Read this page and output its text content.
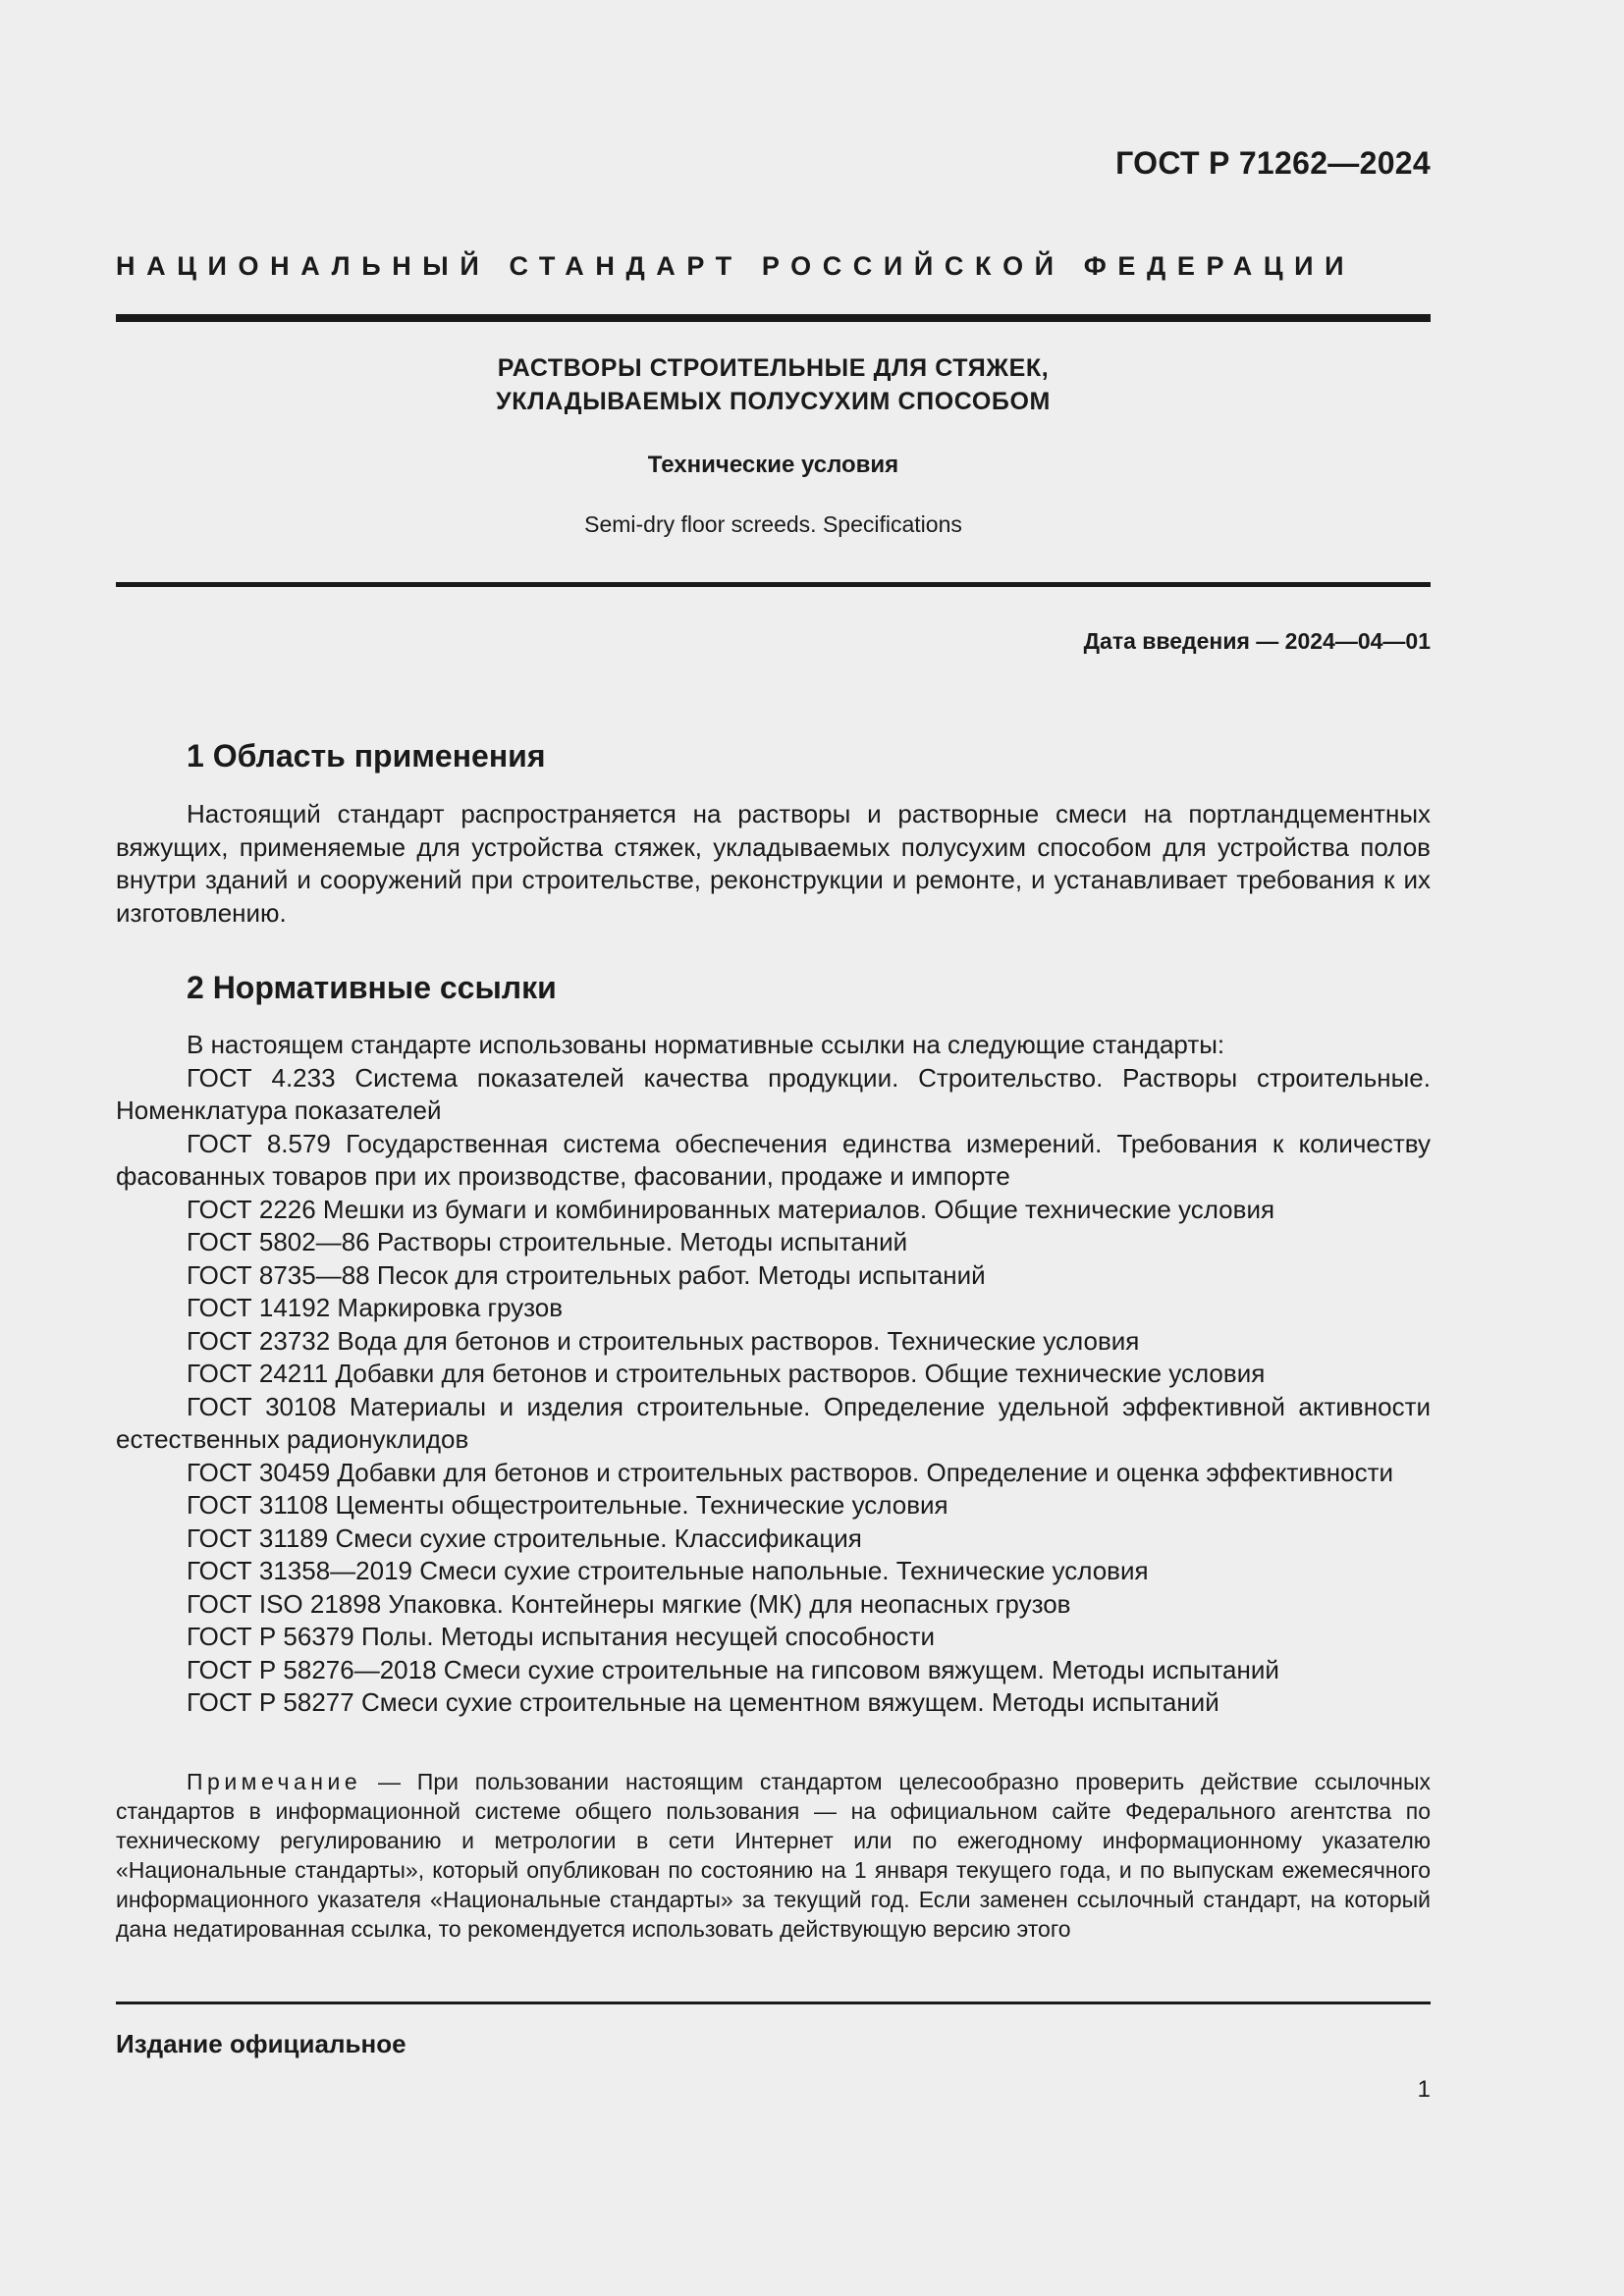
ГОСТ Р 71262—2024
НАЦИОНАЛЬНЫЙ СТАНДАРТ РОССИЙСКОЙ ФЕДЕРАЦИИ
РАСТВОРЫ СТРОИТЕЛЬНЫЕ ДЛЯ СТЯЖЕК,
УКЛАДЫВАЕМЫХ ПОЛУСУХИМ СПОСОБОМ
Технические условия
Semi-dry floor screeds. Specifications
Дата введения — 2024—04—01
1 Область применения

Настоящий стандарт распространяется на растворы и растворные смеси на портландцементных вяжущих, применяемые для устройства стяжек, укладываемых полусухим способом для устройства полов внутри зданий и сооружений при строительстве, реконструкции и ремонте, и устанавливает требования к их изготовлению.

2 Нормативные ссылки

В настоящем стандарте использованы нормативные ссылки на следующие стандарты:

ГОСТ 4.233 Система показателей качества продукции. Строительство. Растворы строительные. Номенклатура показателей

ГОСТ 8.579 Государственная система обеспечения единства измерений. Требования к количеству фасованных товаров при их производстве, фасовании, продаже и импорте

ГОСТ 2226 Мешки из бумаги и комбинированных материалов. Общие технические условия

ГОСТ 5802—86 Растворы строительные. Методы испытаний

ГОСТ 8735—88 Песок для строительных работ. Методы испытаний

ГОСТ 14192 Маркировка грузов

ГОСТ 23732 Вода для бетонов и строительных растворов. Технические условия

ГОСТ 24211 Добавки для бетонов и строительных растворов. Общие технические условия

ГОСТ 30108 Материалы и изделия строительные. Определение удельной эффективной активности естественных радионуклидов

ГОСТ 30459 Добавки для бетонов и строительных растворов. Определение и оценка эффективности

ГОСТ 31108 Цементы общестроительные. Технические условия

ГОСТ 31189 Смеси сухие строительные. Классификация

ГОСТ 31358—2019 Смеси сухие строительные напольные. Технические условия

ГОСТ ISO 21898 Упаковка. Контейнеры мягкие (МК) для неопасных грузов

ГОСТ Р 56379 Полы. Методы испытания несущей способности

ГОСТ Р 58276—2018 Смеси сухие строительные на гипсовом вяжущем. Методы испытаний

ГОСТ Р 58277 Смеси сухие строительные на цементном вяжущем. Методы испытаний

Примечание — При пользовании настоящим стандартом целесообразно проверить действие ссылочных стандартов в информационной системе общего пользования — на официальном сайте Федерального агентства по техническому регулированию и метрологии в сети Интернет или по ежегодному информационному указателю «Национальные стандарты», который опубликован по состоянию на 1 января текущего года, и по выпускам ежемесячного информационного указателя «Национальные стандарты» за текущий год. Если заменен ссылочный стандарт, на который дана недатированная ссылка, то рекомендуется использовать действующую версию этого

Издание официальное
1
